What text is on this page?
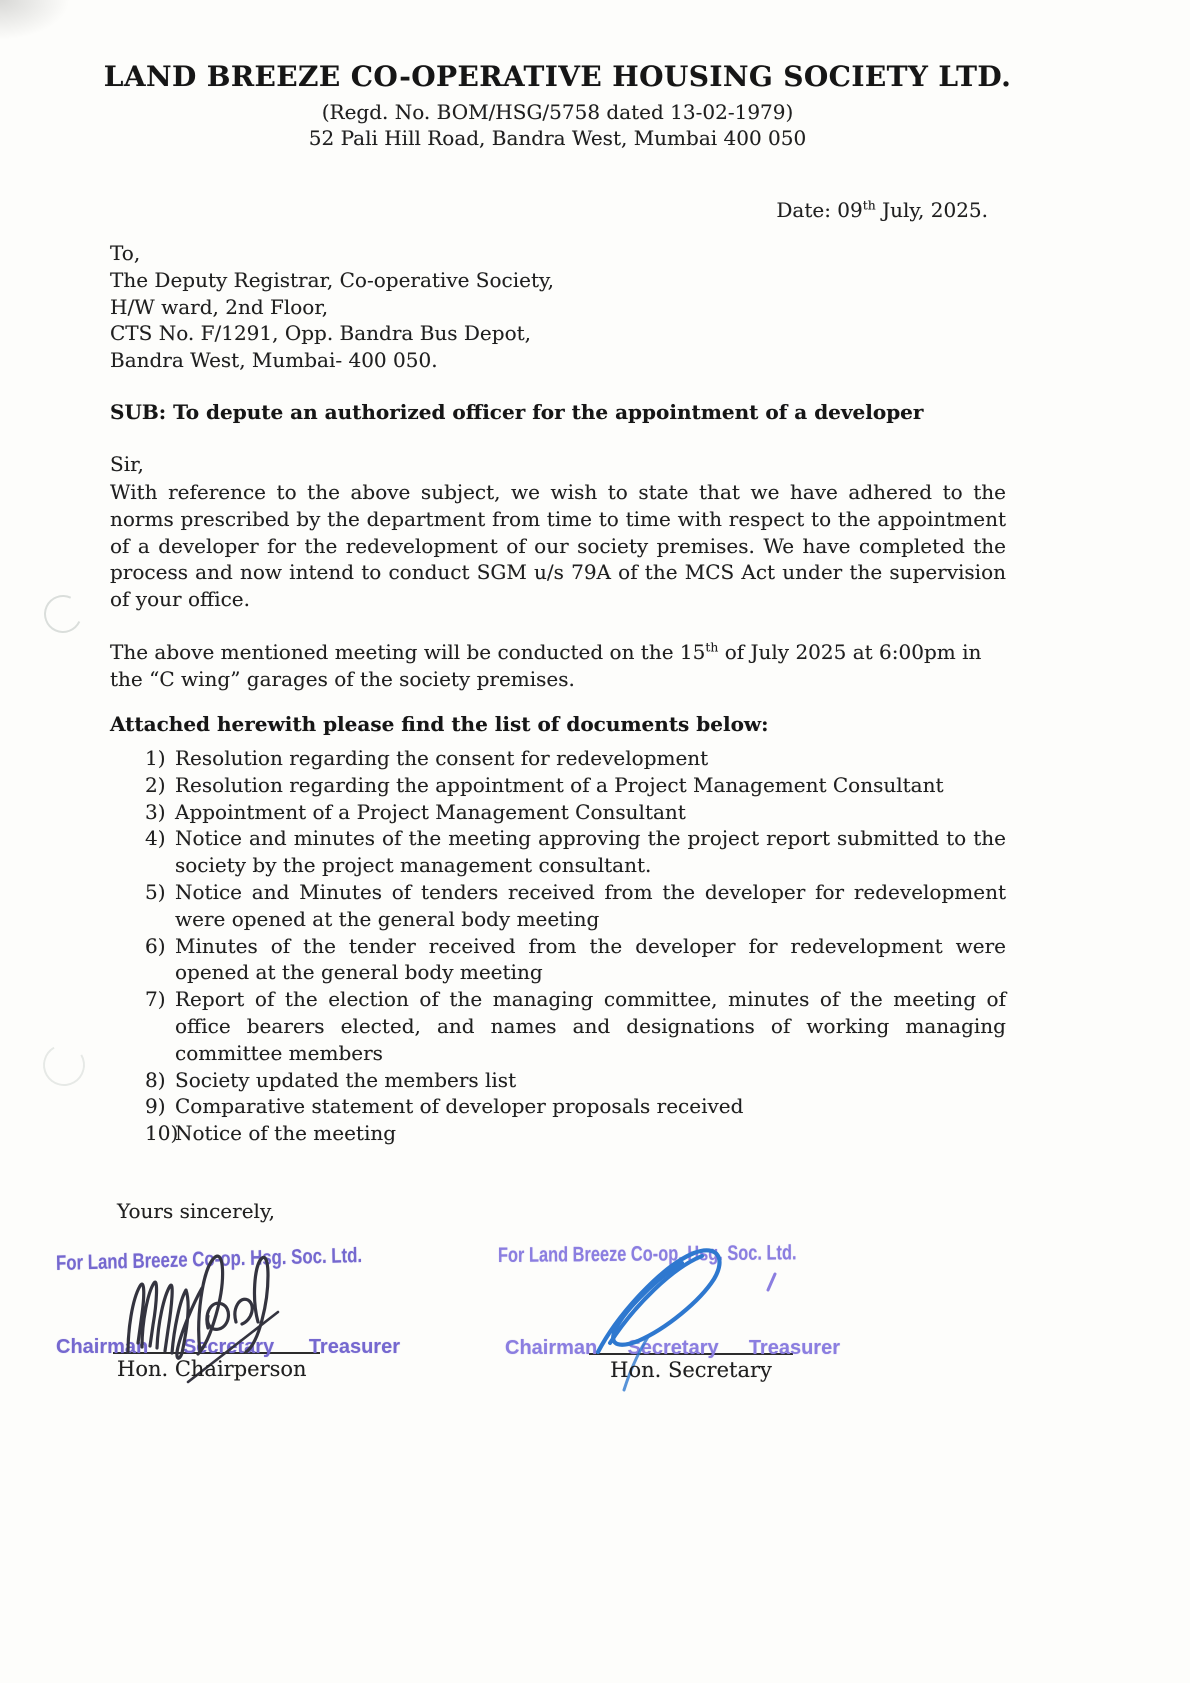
LAND BREEZE CO-OPERATIVE HOUSING SOCIETY LTD.
(Regd. No. BOM/HSG/5758 dated 13-02-1979)
52 Pali Hill Road, Bandra West, Mumbai 400 050
Date: 09th July, 2025.
To,
The Deputy Registrar, Co-operative Society,
H/W ward, 2nd Floor,
CTS No. F/1291, Opp. Bandra Bus Depot,
Bandra West, Mumbai- 400 050.
SUB: To depute an authorized officer for the appointment of a developer
Sir,

With reference to the above subject, we wish to state that we have adhered to the norms prescribed by the department from time to time with respect to the appointment of a developer for the redevelopment of our society premises. We have completed the process and now intend to conduct SGM u/s 79A of the MCS Act under the supervision of your office.

The above mentioned meeting will be conducted on the 15th of July 2025 at 6:00pm in the “C wing” garages of the society premises.

Attached herewith please find the list of documents below:
1) Resolution regarding the consent for redevelopment
2) Resolution regarding the appointment of a Project Management Consultant
3) Appointment of a Project Management Consultant
4) Notice and minutes of the meeting approving the project report submitted to the society by the project management consultant.
5) Notice and Minutes of tenders received from the developer for redevelopment were opened at the general body meeting
6) Minutes of the tender received from the developer for redevelopment were opened at the general body meeting
7) Report of the election of the managing committee, minutes of the meeting of office bearers elected, and names and designations of working managing committee members
8) Society updated the members list
9) Comparative statement of developer proposals received
10)
Notice of the meeting
Yours sincerely,
For Land Breeze Co-op. Hsg. Soc. Ltd.
Chairman Secretary Treasurer
Hon. Chairperson
For Land Breeze Co-op. Hsg. Soc. Ltd.
Chairman Secretary Treasurer
Hon. Secretary
